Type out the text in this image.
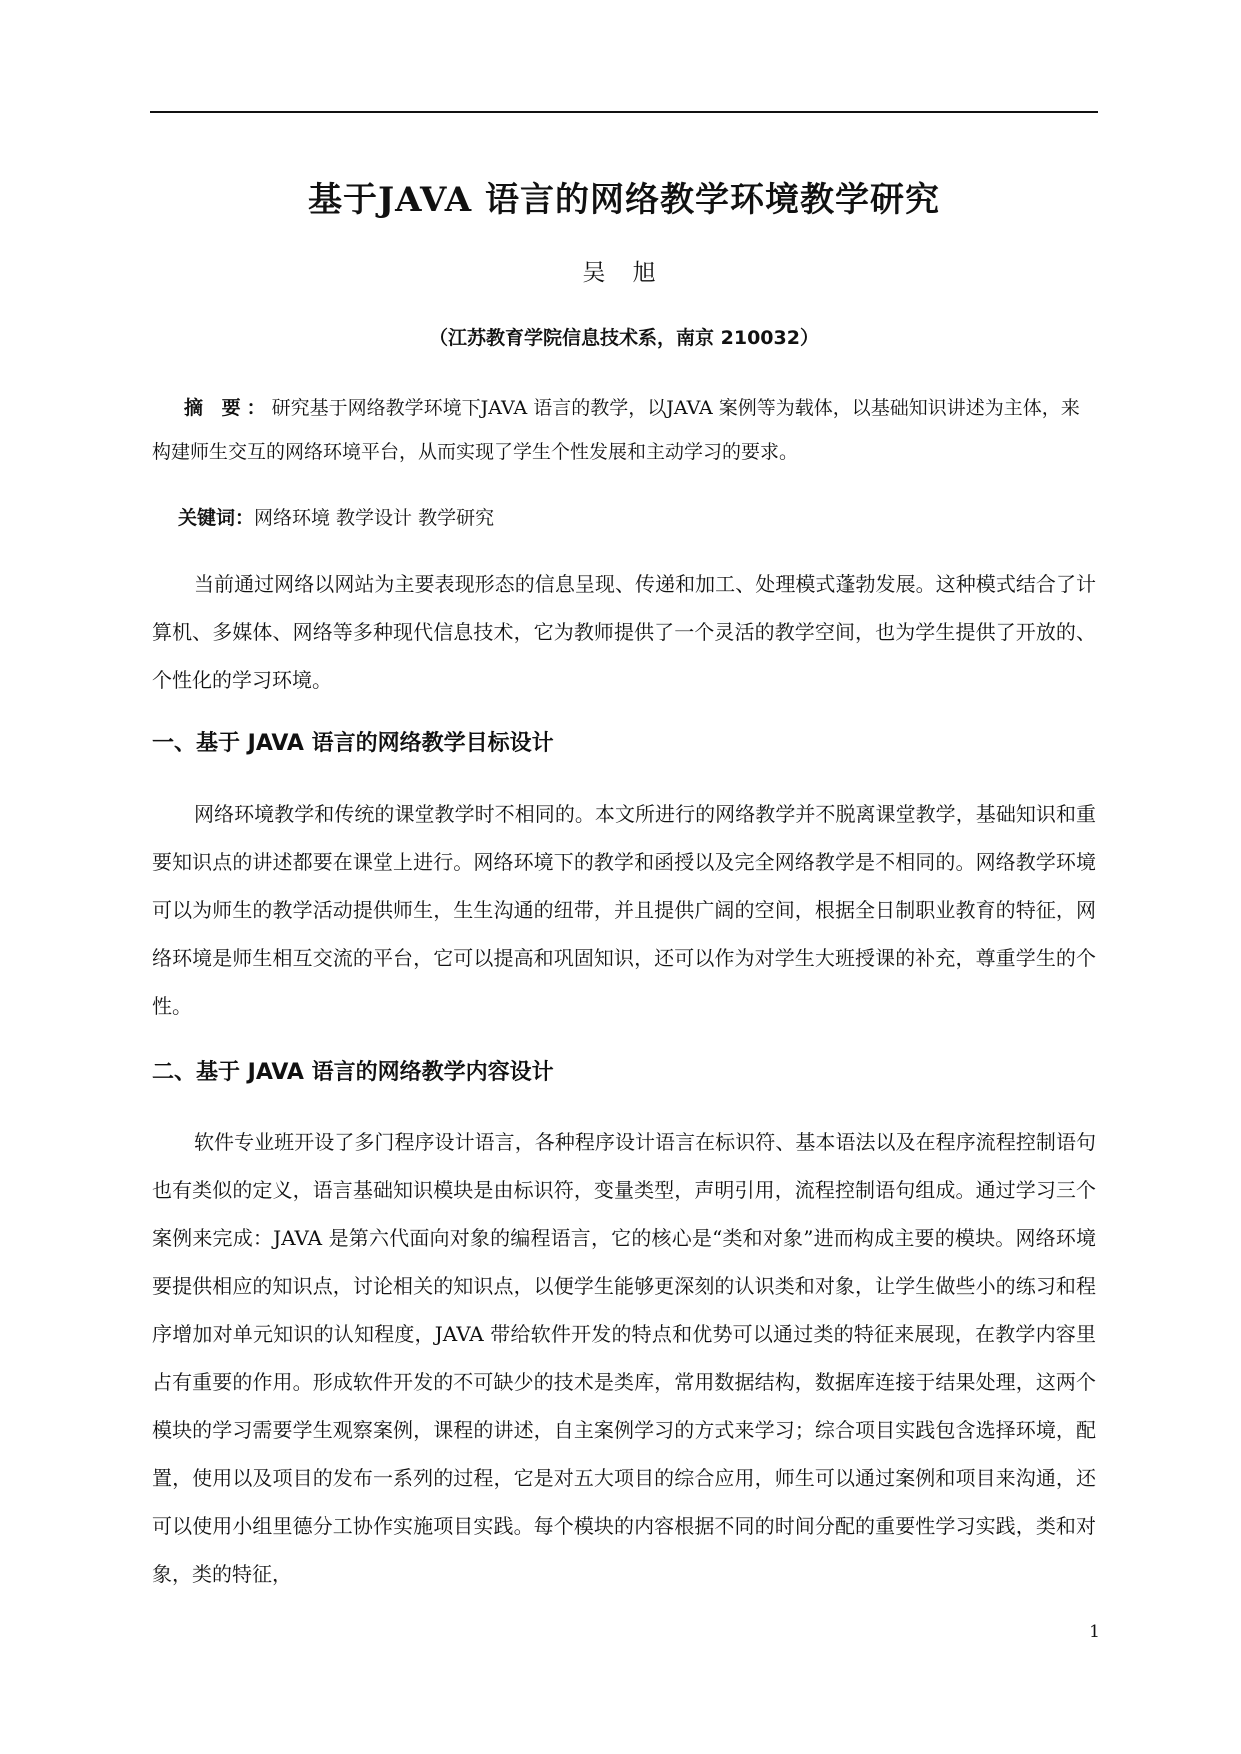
基于JAVA 语言的网络教学环境教学研究
吴 旭
（江苏教育学院信息技术系，南京 210032）
摘 要：研究基于网络教学环境下JAVA 语言的教学，以JAVA 案例等为载体，以基础知识讲述为主体，来构建师生交互的网络环境平台，从而实现了学生个性发展和主动学习的要求。
关键词：网络环境 教学设计 教学研究
当前通过网络以网站为主要表现形态的信息呈现、传递和加工、处理模式蓬勃发展。这种模式结合了计算机、多媒体、网络等多种现代信息技术，它为教师提供了一个灵活的教学空间，也为学生提供了开放的、个性化的学习环境。
一、基于 JAVA 语言的网络教学目标设计
网络环境教学和传统的课堂教学时不相同的。本文所进行的网络教学并不脱离课堂教学，基础知识和重要知识点的讲述都要在课堂上进行。网络环境下的教学和函授以及完全网络教学是不相同的。网络教学环境可以为师生的教学活动提供师生，生生沟通的纽带，并且提供广阔的空间，根据全日制职业教育的特征，网络环境是师生相互交流的平台，它可以提高和巩固知识，还可以作为对学生大班授课的补充，尊重学生的个性。
二、基于 JAVA 语言的网络教学内容设计
软件专业班开设了多门程序设计语言，各种程序设计语言在标识符、基本语法以及在程序流程控制语句也有类似的定义，语言基础知识模块是由标识符，变量类型，声明引用，流程控制语句组成。通过学习三个案例来完成：JAVA 是第六代面向对象的编程语言，它的核心是“类和对象”进而构成主要的模块。网络环境要提供相应的知识点，讨论相关的知识点，以便学生能够更深刻的认识类和对象，让学生做些小的练习和程序增加对单元知识的认知程度，JAVA 带给软件开发的特点和优势可以通过类的特征来展现，在教学内容里占有重要的作用。形成软件开发的不可缺少的技术是类库，常用数据结构，数据库连接于结果处理，这两个模块的学习需要学生观察案例，课程的讲述，自主案例学习的方式来学习；综合项目实践包含选择环境，配置，使用以及项目的发布一系列的过程，它是对五大项目的综合应用，师生可以通过案例和项目来沟通，还可以使用小组里德分工协作实施项目实践。每个模块的内容根据不同的时间分配的重要性学习实践，类和对象，类的特征，
1
